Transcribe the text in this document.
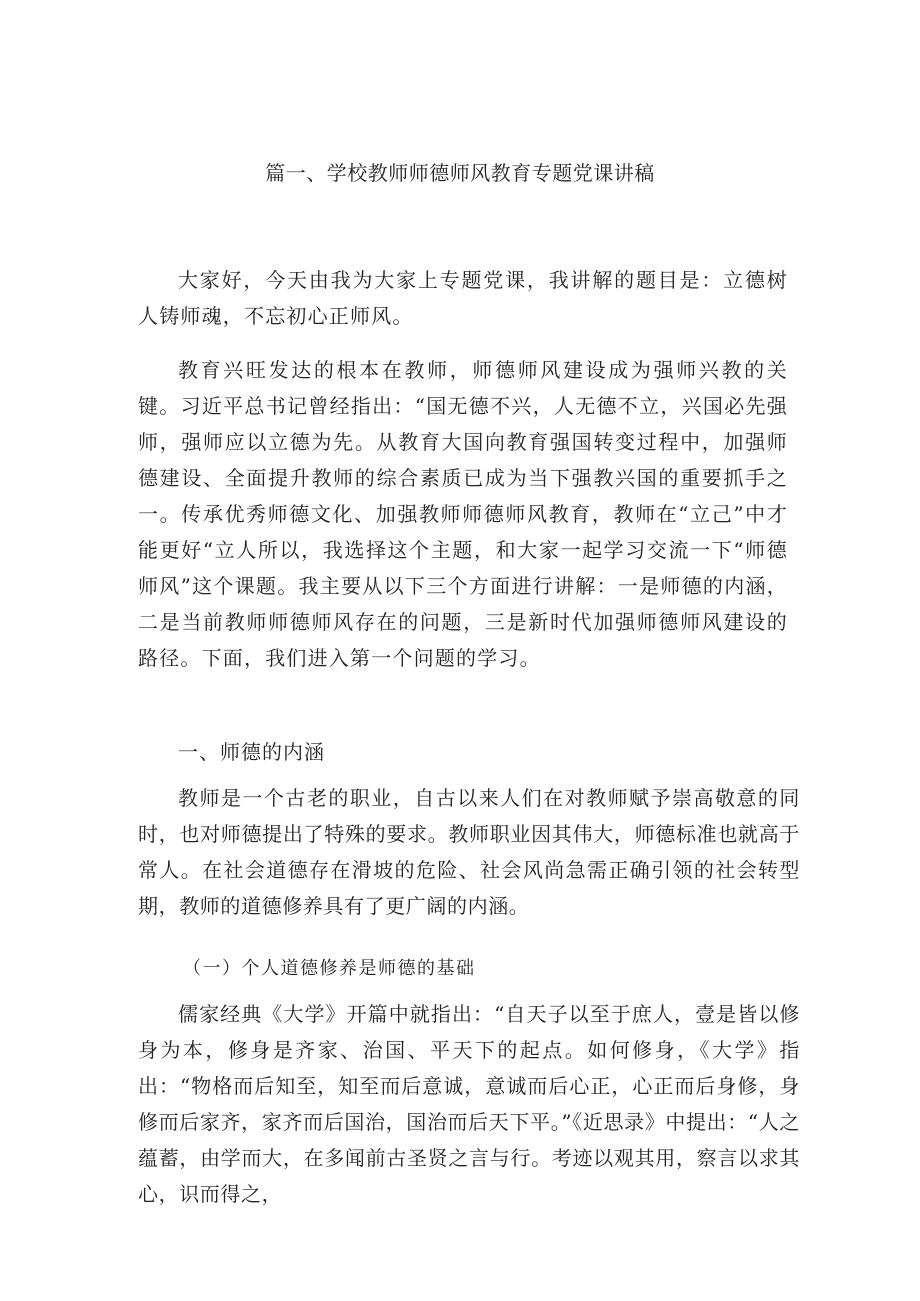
篇一、学校教师师德师风教育专题党课讲稿

大家好，今天由我为大家上专题党课，我讲解的题目是：立德树人铸师魂，不忘初心正师风。

教育兴旺发达的根本在教师，师德师风建设成为强师兴教的关键。习近平总书记曾经指出：“国无德不兴，人无德不立，兴国必先强师，强师应以立德为先。从教育大国向教育强国转变过程中，加强师德建设、全面提升教师的综合素质已成为当下强教兴国的重要抓手之一。传承优秀师德文化、加强教师师德师风教育，教师在“立己”中才能更好“立人所以，我选择这个主题，和大家一起学习交流一下“师德师风”这个课题。我主要从以下三个方面进行讲解：一是师德的内涵，二是当前教师师德师风存在的问题，三是新时代加强师德师风建设的路径。下面，我们进入第一个问题的学习。

一、师德的内涵

教师是一个古老的职业，自古以来人们在对教师赋予崇高敬意的同时，也对师德提出了特殊的要求。教师职业因其伟大，师德标准也就高于常人。在社会道德存在滑坡的危险、社会风尚急需正确引领的社会转型期，教师的道德修养具有了更广阔的内涵。

（一）个人道德修养是师德的基础

儒家经典《大学》开篇中就指出：“自天子以至于庶人，壹是皆以修身为本，修身是齐家、治国、平天下的起点。如何修身，《大学》指出：“物格而后知至，知至而后意诚，意诚而后心正，心正而后身修，身修而后家齐，家齐而后国治，国治而后天下平。”《近思录》中提出：“人之蕴蓄，由学而大，在多闻前古圣贤之言与行。考迹以观其用，察言以求其心，识而得之，
